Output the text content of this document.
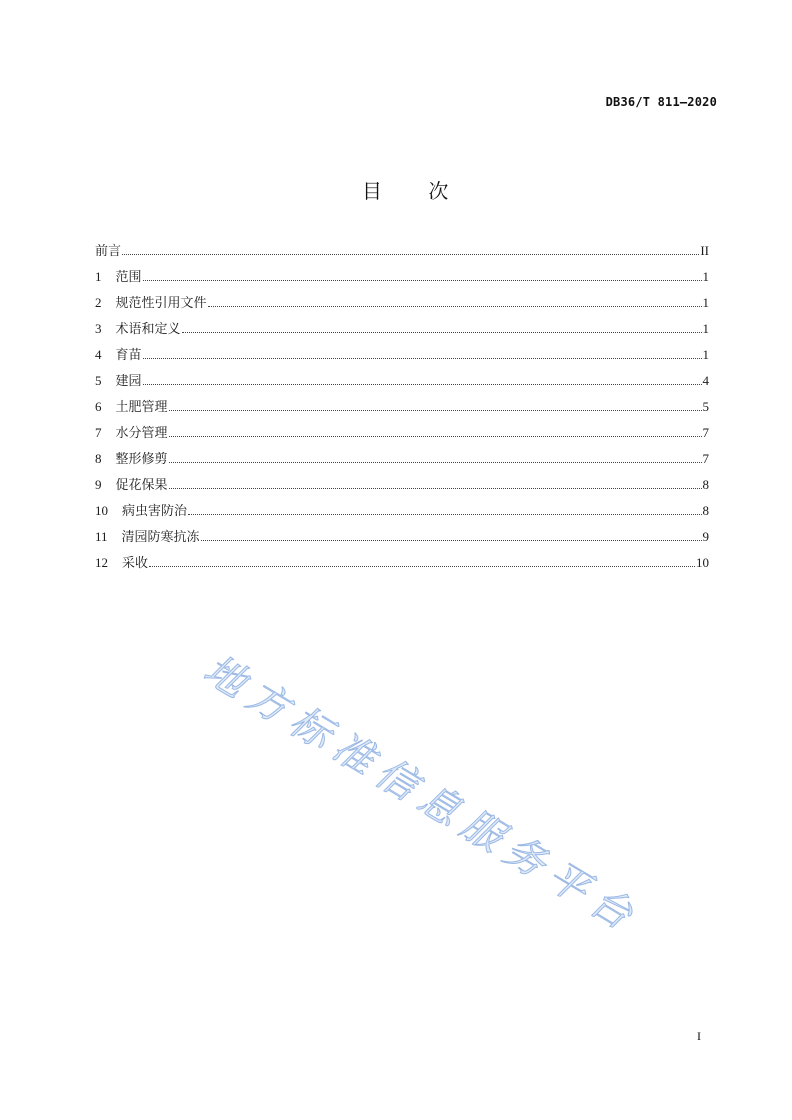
DB36/T 811—2020
目 次
前言	II
1 范围	1
2 规范性引用文件	1
3 术语和定义	1
4 育苗	1
5 建园	4
6 土肥管理	5
7 水分管理	7
8 整形修剪	7
9 促花保果	8
10 病虫害防治	8
11 清园防寒抗冻	9
12 采收	10
地方标准信息服务平台
I
